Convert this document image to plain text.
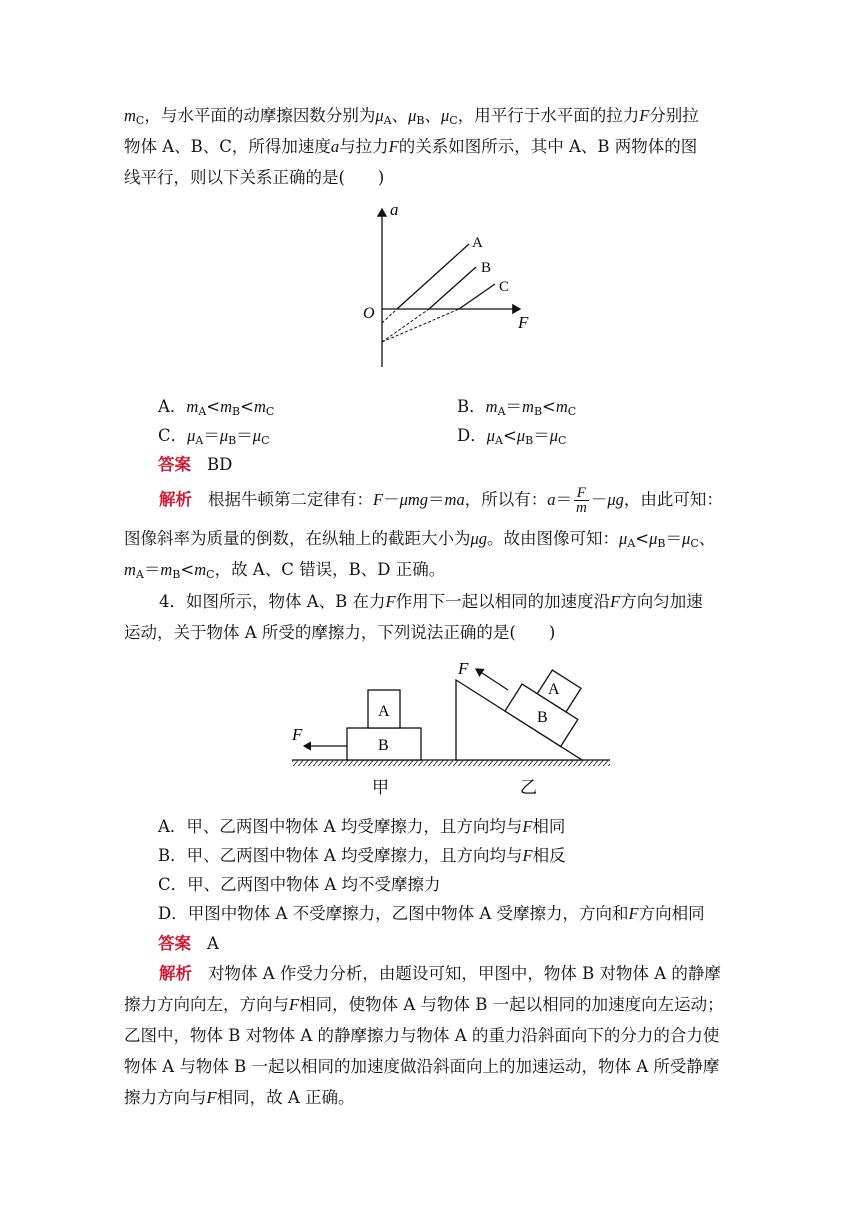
$m_C$，与水平面的动摩擦因数分别为$\mu_A$、$\mu_B$、$\mu_C$，用平行于水平面的拉力F分别拉

物体 A、B、C，所得加速度a与拉力F的关系如图所示，其中 A、B 两物体的图

线平行，则以下关系正确的是(　　)

a
F
O
A
B
C
A．$m_A<m_B<m_C$	B．$m_A=m_B<m_C$
C．$\mu_A=\mu_B=\mu_C$	D．$\mu_A<\mu_B=\mu_C$
答案 BD

解析 根据牛顿第二定律有：F－μmg＝ma，所以有：$a= \frac{F}{m} -\mu g$，由此可知：

图像斜率为质量的倒数，在纵轴上的截距大小为μg。故由图像可知：$\mu_A<\mu_B=\mu_C$、

$m_A=m_B<m_C$，故 A、C 错误，B、D 正确。

4．如图所示，物体 A、B 在力F作用下一起以相同的加速度沿F方向匀加速

运动，关于物体 A 所受的摩擦力，下列说法正确的是(　　)

A
B
F
甲
A
B
F
乙
A．甲、乙两图中物体 A 均受摩擦力，且方向均与F相同
B．甲、乙两图中物体 A 均受摩擦力，且方向均与F相反
C．甲、乙两图中物体 A 均不受摩擦力
D．甲图中物体 A 不受摩擦力，乙图中物体 A 受摩擦力，方向和F方向相同
答案 A

解析 对物体 A 作受力分析，由题设可知，甲图中，物体 B 对物体 A 的静摩

擦力方向向左，方向与F相同，使物体 A 与物体 B 一起以相同的加速度向左运动；

乙图中，物体 B 对物体 A 的静摩擦力与物体 A 的重力沿斜面向下的分力的合力使

物体 A 与物体 B 一起以相同的加速度做沿斜面向上的加速运动，物体 A 所受静摩

擦力方向与F相同，故 A 正确。
